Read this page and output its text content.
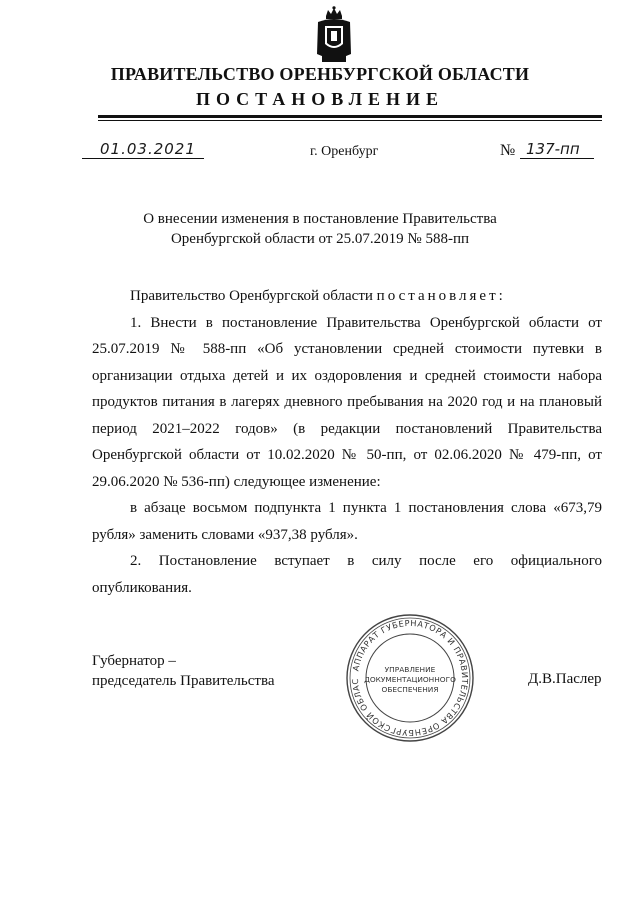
ПРАВИТЕЛЬСТВО ОРЕНБУРГСКОЙ ОБЛАСТИ
ПОСТАНОВЛЕНИЕ
01.03.2021	г. Оренбург	№ 137-пп
О внесении изменения в постановление Правительства
Оренбургской области от 25.07.2019 № 588-пп

Правительство Оренбургской области постановляет:

1. Внести в постановление Правительства Оренбургской области от 25.07.2019 № 588-пп «Об установлении средней стоимости путевки в организации отдыха детей и их оздоровления и средней стоимости набора продуктов питания в лагерях дневного пребывания на 2020 год и на плановый период 2021–2022 годов» (в редакции постановлений Правительства Оренбургской области от 10.02.2020 № 50-пп, от 02.06.2020 № 479-пп, от 29.06.2020 № 536-пп) следующее изменение:

в абзаце восьмом подпункта 1 пункта 1 постановления слова «673,79 рубля» заменить словами «937,38 рубля».

2. Постановление вступает в силу после его официального опубликования.

Губернатор –
председатель Правительства	Д.В.Паслер
АППАРАТ ГУБЕРНАТОРА И ПРАВИТЕЛЬСТВА ОРЕНБУРГСКОЙ ОБЛАС
УПРАВЛЕНИЕ
ДОКУМЕНТАЦИОННОГО
ОБЕСПЕЧЕНИЯ
